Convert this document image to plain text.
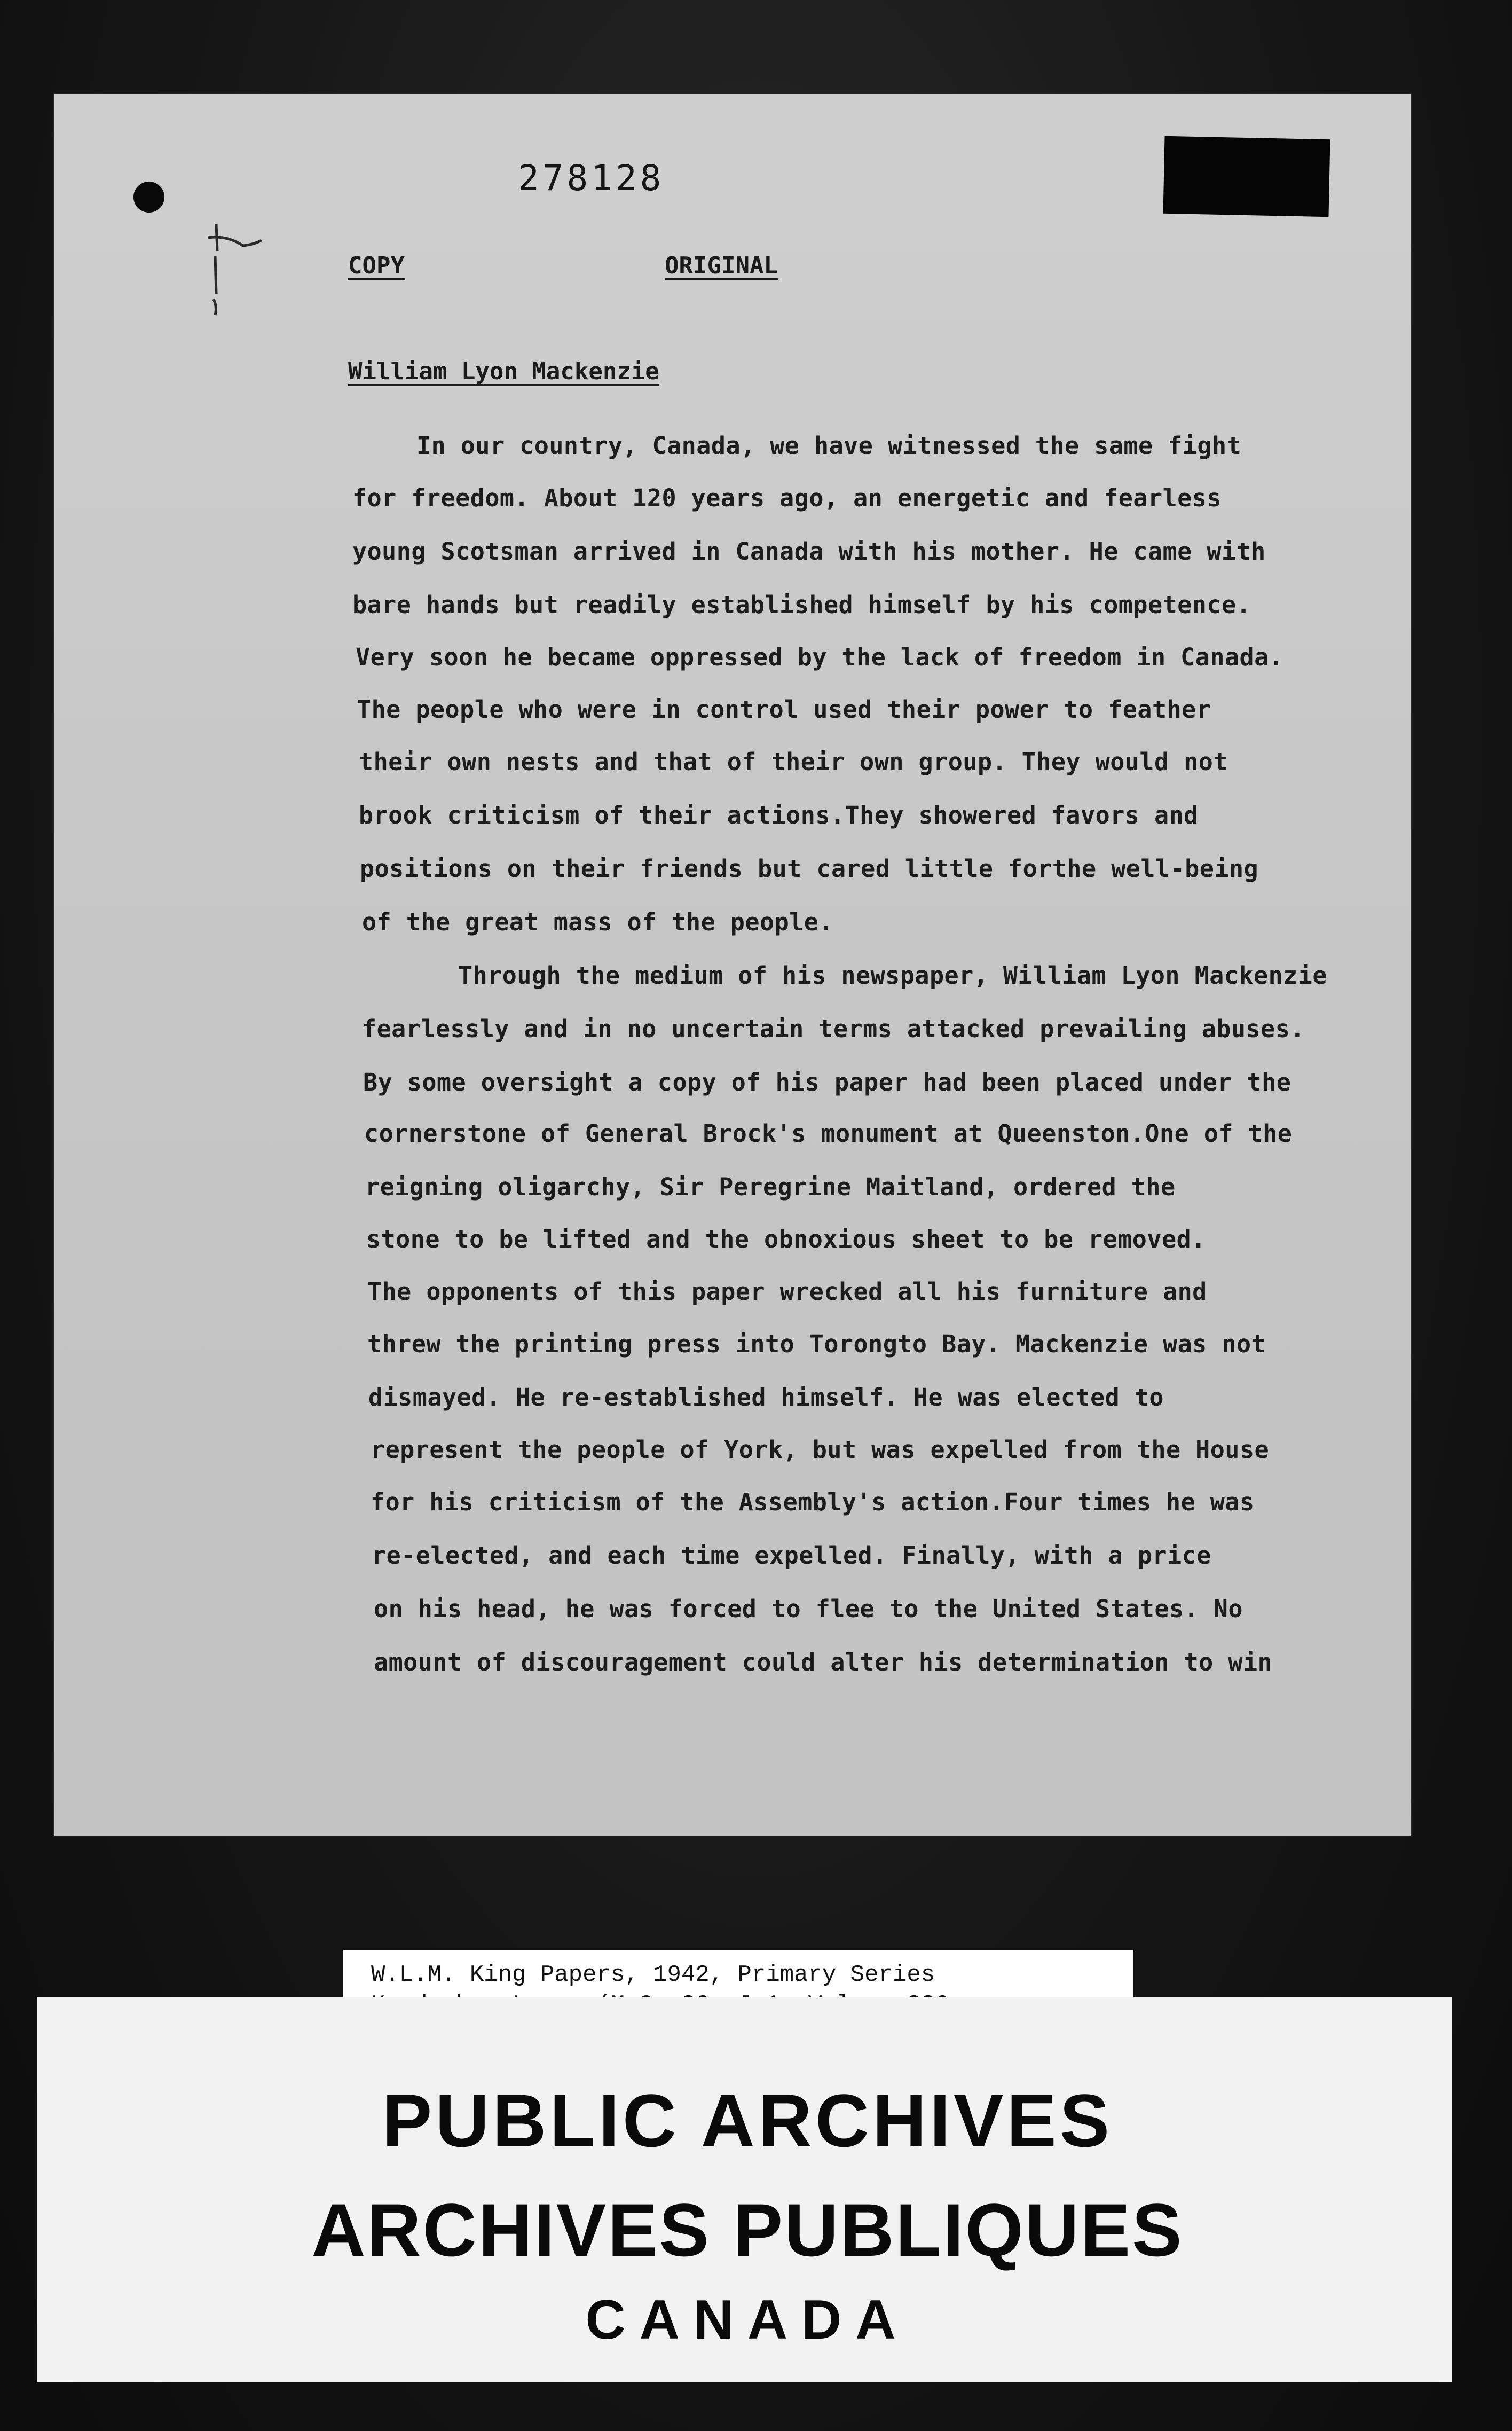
278128
COPY	ORIGINAL
William Lyon Mackenzie
In our country, Canada, we have witnessed the same fight
for freedom. About 120 years ago, an energetic and fearless
young Scotsman arrived in Canada with his mother. He came with
bare hands but readily established himself by his competence.
Very soon he became oppressed by the lack of freedom in Canada.
The people who were in control used their power to feather
their own nests and that of their own group. They would not
brook criticism of their actions.They showered favors and
positions on their friends but cared little forthe well-being
of the great mass of the people.
Through the medium of his newspaper, William Lyon Mackenzie
fearlessly and in no uncertain terms attacked prevailing abuses.
By some oversight a copy of his paper had been placed under the
cornerstone of General Brock's monument at Queenston.One of the
reigning oligarchy, Sir Peregrine Maitland, ordered the
stone to be lifted and the obnoxious sheet to be removed.
The opponents of this paper wrecked all his furniture and
threw the printing press into Torongto Bay. Mackenzie was not
dismayed. He re-established himself. He was elected to
represent the people of York, but was expelled from the House
for his criticism of the Assembly's action.Four times he was
re-elected, and each time expelled. Finally, with a price
on his head, he was forced to flee to the United States. No
amount of discouragement could alter his determination to win
W.L.M. King Papers, 1942, Primary Series
PUBLIC ARCHIVES
ARCHIVES PUBLIQUES
CANADA
